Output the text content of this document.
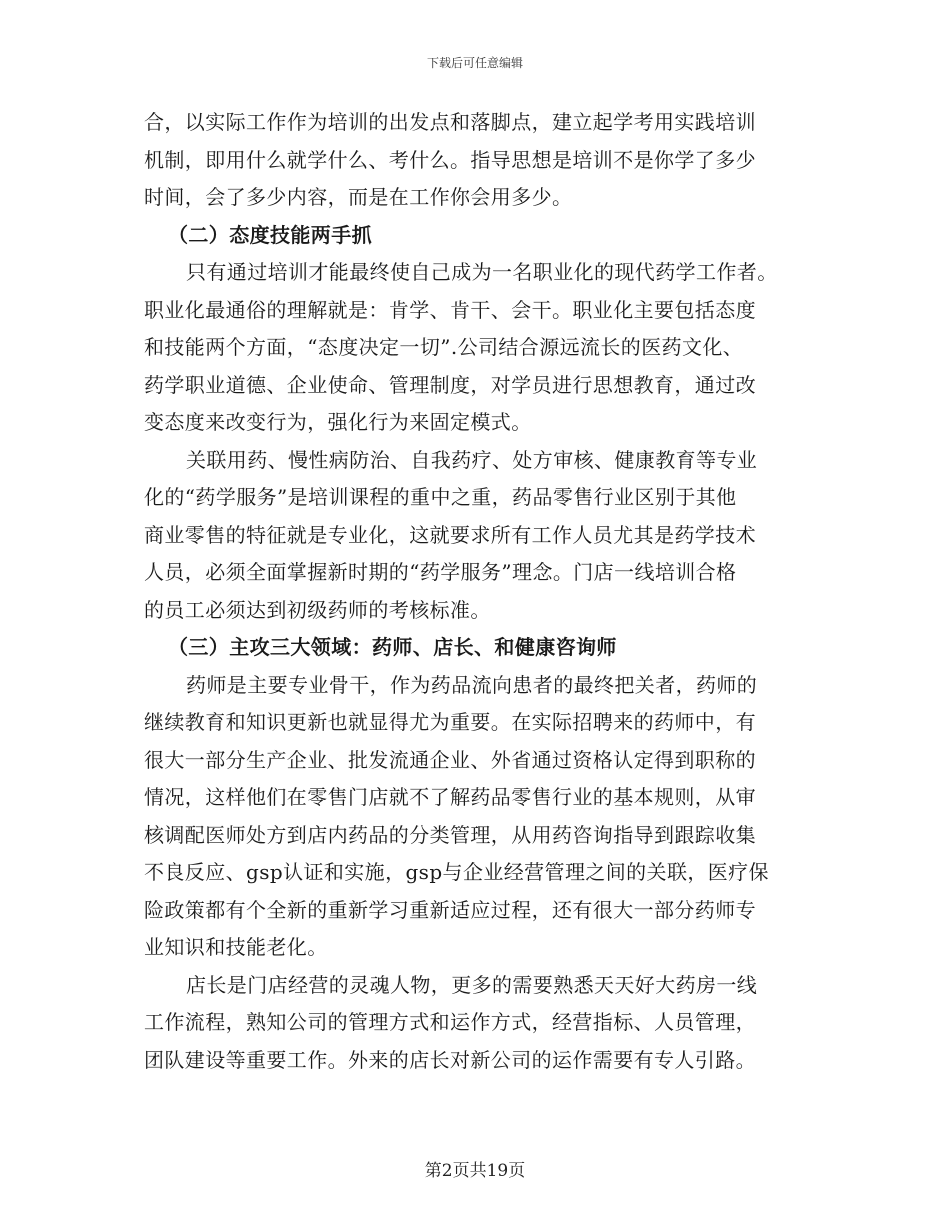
下载后可任意编辑
合，以实际工作作为培训的出发点和落脚点，建立起学考用实践培训
机制，即用什么就学什么、考什么。指导思想是培训不是你学了多少
时间，会了多少内容，而是在工作你会用多少。
（二）态度技能两手抓
只有通过培训才能最终使自己成为一名职业化的现代药学工作者。
职业化最通俗的理解就是：肯学、肯干、会干。职业化主要包括态度
和技能两个方面，“态度决定一切”.公司结合源远流长的医药文化、
药学职业道德、企业使命、管理制度，对学员进行思想教育，通过改
变态度来改变行为，强化行为来固定模式。
关联用药、慢性病防治、自我药疗、处方审核、健康教育等专业
化的“药学服务”是培训课程的重中之重，药品零售行业区别于其他
商业零售的特征就是专业化，这就要求所有工作人员尤其是药学技术
人员，必须全面掌握新时期的“药学服务”理念。门店一线培训合格
的员工必须达到初级药师的考核标准。
（三）主攻三大领域：药师、店长、和健康咨询师
药师是主要专业骨干，作为药品流向患者的最终把关者，药师的
继续教育和知识更新也就显得尤为重要。在实际招聘来的药师中，有
很大一部分生产企业、批发流通企业、外省通过资格认定得到职称的
情况，这样他们在零售门店就不了解药品零售行业的基本规则，从审
核调配医师处方到店内药品的分类管理，从用药咨询指导到跟踪收集
不良反应、gsp认证和实施，gsp与企业经营管理之间的关联，医疗保
险政策都有个全新的重新学习重新适应过程，还有很大一部分药师专
业知识和技能老化。
店长是门店经营的灵魂人物，更多的需要熟悉天天好大药房一线
工作流程，熟知公司的管理方式和运作方式，经营指标、人员管理，
团队建设等重要工作。外来的店长对新公司的运作需要有专人引路。
第2页共19页
